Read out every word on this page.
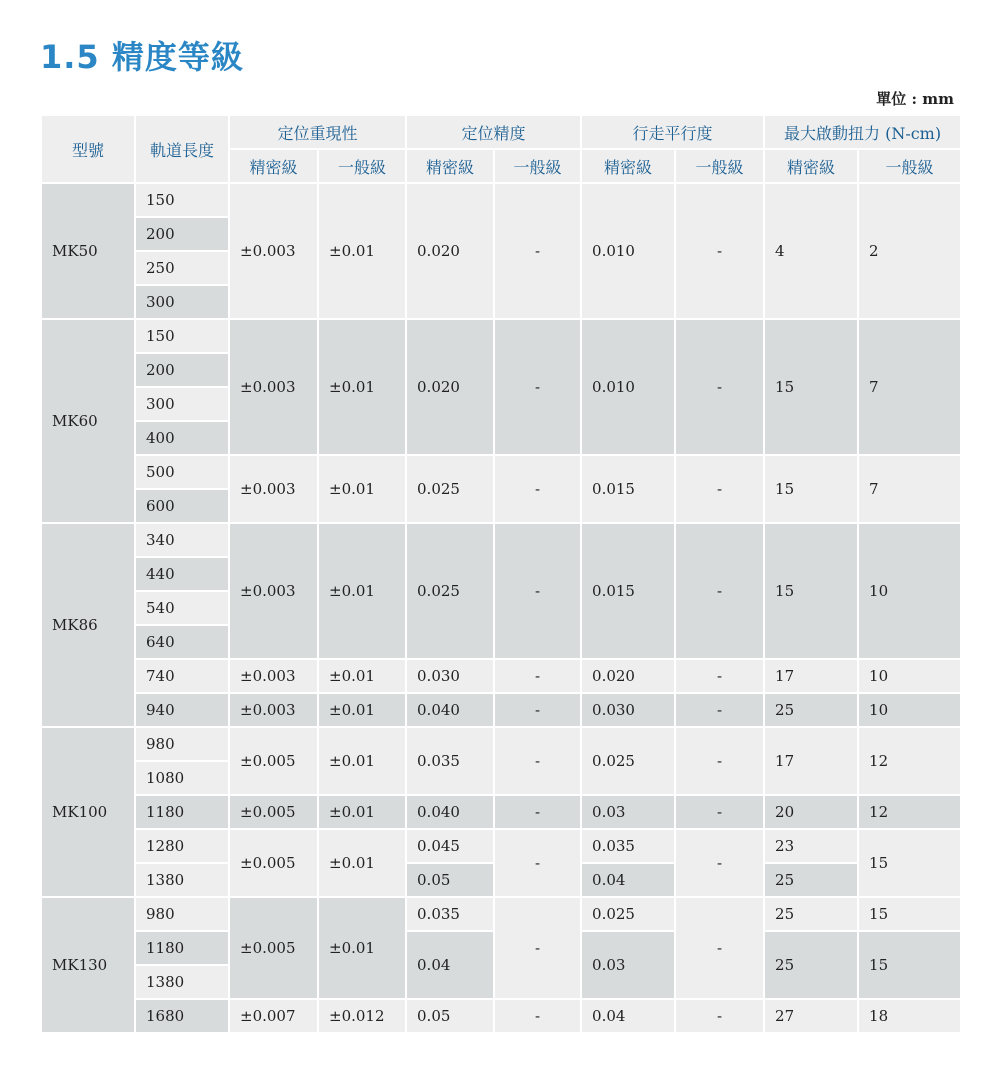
1.5 精度等級
單位 : mm
型號	軌道長度	定位重現性		定位精度		行走平行度		最大啟動扭力 (N-cm)	
		精密級	一般級	精密級	一般級	精密級	一般級	精密級	一般級
MK50	150	±0.003	±0.01	0.020	-	0.010	-	4	2
	200								
	250								
	300								
MK60	150	±0.003	±0.01	0.020	-	0.010	-	15	7
	200								
	300								
	400								
	500	±0.003	±0.01	0.025	-	0.015	-	15	7
	600								
MK86	340	±0.003	±0.01	0.025	-	0.015	-	15	10
	440								
	540								
	640								
	740	±0.003	±0.01	0.030	-	0.020	-	17	10
	940	±0.003	±0.01	0.040	-	0.030	-	25	10
MK100	980	±0.005	±0.01	0.035	-	0.025	-	17	12
	1080								
	1180	±0.005	±0.01	0.040	-	0.03	-	20	12
	1280	±0.005	±0.01	0.045	-	0.035	-	23	15
	1380			0.05		0.04		25	
MK130	980	±0.005	±0.01	0.035	-	0.025	-	25	15
	1180			0.04		0.03		25	15
	1380								
	1680	±0.007	±0.012	0.05	-	0.04	-	27	18
